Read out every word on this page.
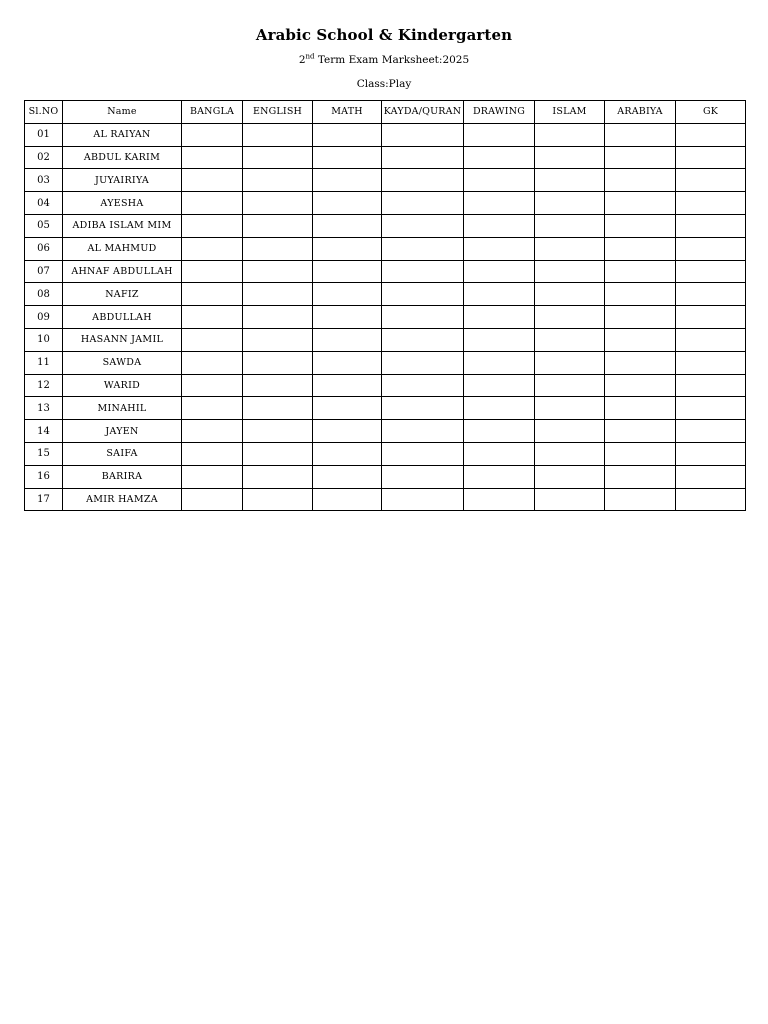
Arabic School & Kindergarten
2nd Term Exam Marksheet:2025
Class:Play
Sl.NO	Name	BANGLA	ENGLISH	MATH	KAYDA/QURAN	DRAWING	ISLAM	ARABIYA	GK
01	AL RAIYAN								
02	ABDUL KARIM								
03	JUYAIRIYA								
04	AYESHA								
05	ADIBA ISLAM MIM								
06	AL MAHMUD								
07	AHNAF ABDULLAH								
08	NAFIZ								
09	ABDULLAH								
10	HASANN JAMIL								
11	SAWDA								
12	WARID								
13	MINAHIL								
14	JAYEN								
15	SAIFA								
16	BARIRA								
17	AMIR HAMZA								
